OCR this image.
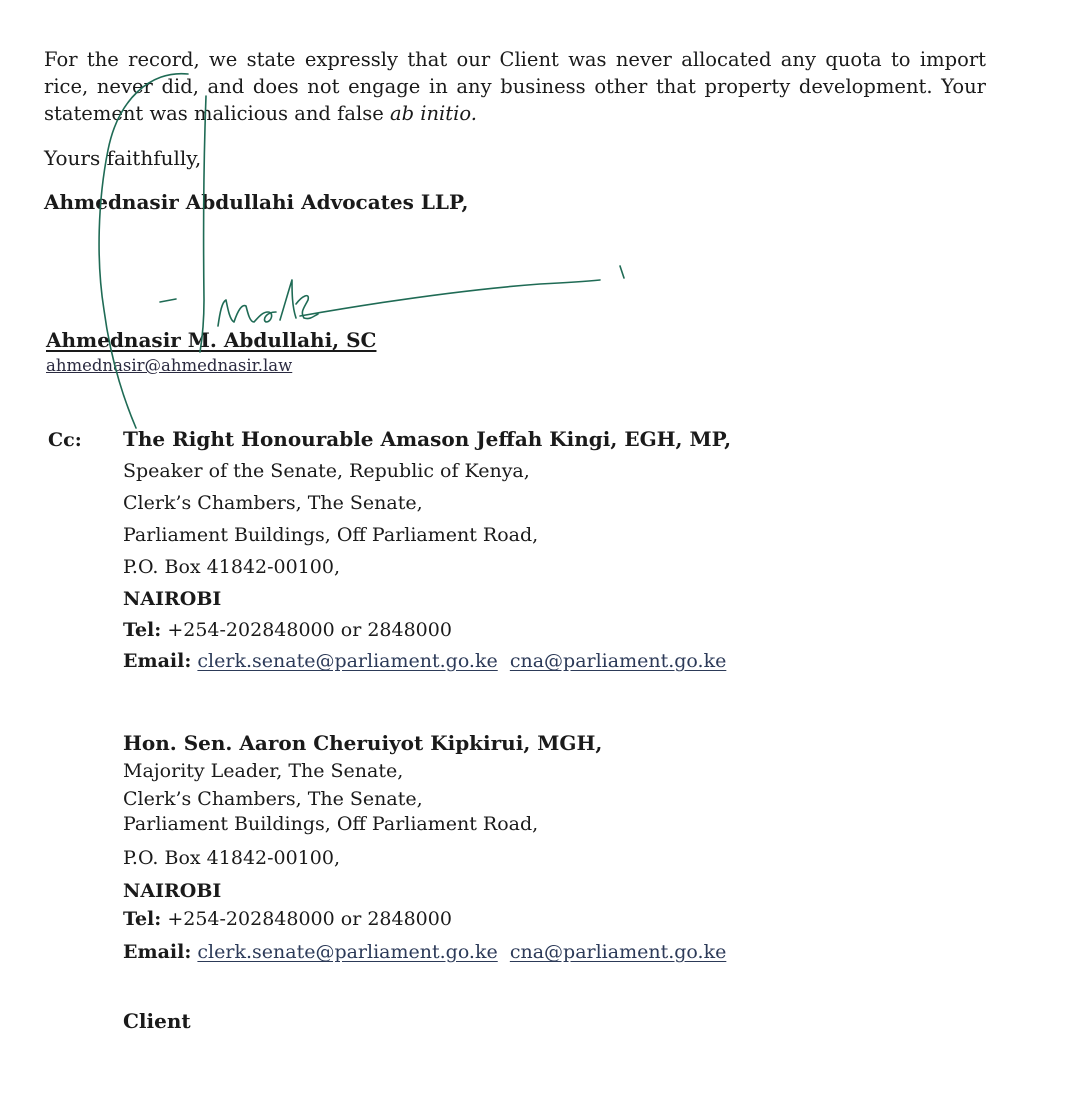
For the record, we state expressly that our Client was never allocated any quota to import rice, never did, and does not engage in any business other that property development. Your statement was malicious and false ab initio.

Yours faithfully,
Ahmednasir Abdullahi Advocates LLP,
Ahmednasir M. Abdullahi, SC
ahmednasir@ahmednasir.law
Cc: The Right Honourable Amason Jeffah Kingi, EGH, MP,
Speaker of the Senate, Republic of Kenya,
Clerk’s Chambers, The Senate,
Parliament Buildings, Off Parliament Road,
P.O. Box 41842-00100,
NAIROBI
Tel: +254-202848000 or 2848000
Email: clerk.senate@parliament.go.ke cna@parliament.go.ke
Hon. Sen. Aaron Cheruiyot Kipkirui, MGH,
Majority Leader, The Senate,
Clerk’s Chambers, The Senate,
Parliament Buildings, Off Parliament Road,
P.O. Box 41842-00100,
NAIROBI
Tel: +254-202848000 or 2848000
Email: clerk.senate@parliament.go.ke cna@parliament.go.ke
Client
